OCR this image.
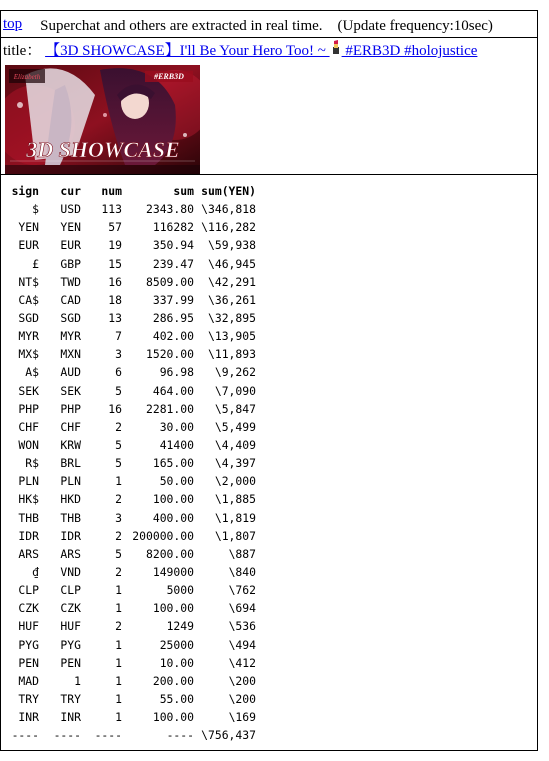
top Superchat and others are extracted in real time.　(Update frequency:10sec)
title： 【3D SHOWCASE】I'll Be Your Hero Too! ~  #ERB3D #holojustice
#ERB3D
Elizabeth
3D SHOWCASE
sign	cur	num	sum	sum(YEN)
$	USD	113	2343.80	\346,818
YEN	YEN	57	116282	\116,282
EUR	EUR	19	350.94	\59,938
£	GBP	15	239.47	\46,945
NT$	TWD	16	8509.00	\42,291
CA$	CAD	18	337.99	\36,261
SGD	SGD	13	286.95	\32,895
MYR	MYR	7	402.00	\13,905
MX$	MXN	3	1520.00	\11,893
A$	AUD	6	96.98	\9,262
SEK	SEK	5	464.00	\7,090
PHP	PHP	16	2281.00	\5,847
CHF	CHF	2	30.00	\5,499
WON	KRW	5	41400	\4,409
R$	BRL	5	165.00	\4,397
PLN	PLN	1	50.00	\2,000
HK$	HKD	2	100.00	\1,885
THB	THB	3	400.00	\1,819
IDR	IDR	2	200000.00	\1,807
ARS	ARS	5	8200.00	\887
₫	VND	2	149000	\840
CLP	CLP	1	5000	\762
CZK	CZK	1	100.00	\694
HUF	HUF	2	1249	\536
PYG	PYG	1	25000	\494
PEN	PEN	1	10.00	\412
MAD	1	1	200.00	\200
TRY	TRY	1	55.00	\200
INR	INR	1	100.00	\169
----	----	----	----	\756,437
